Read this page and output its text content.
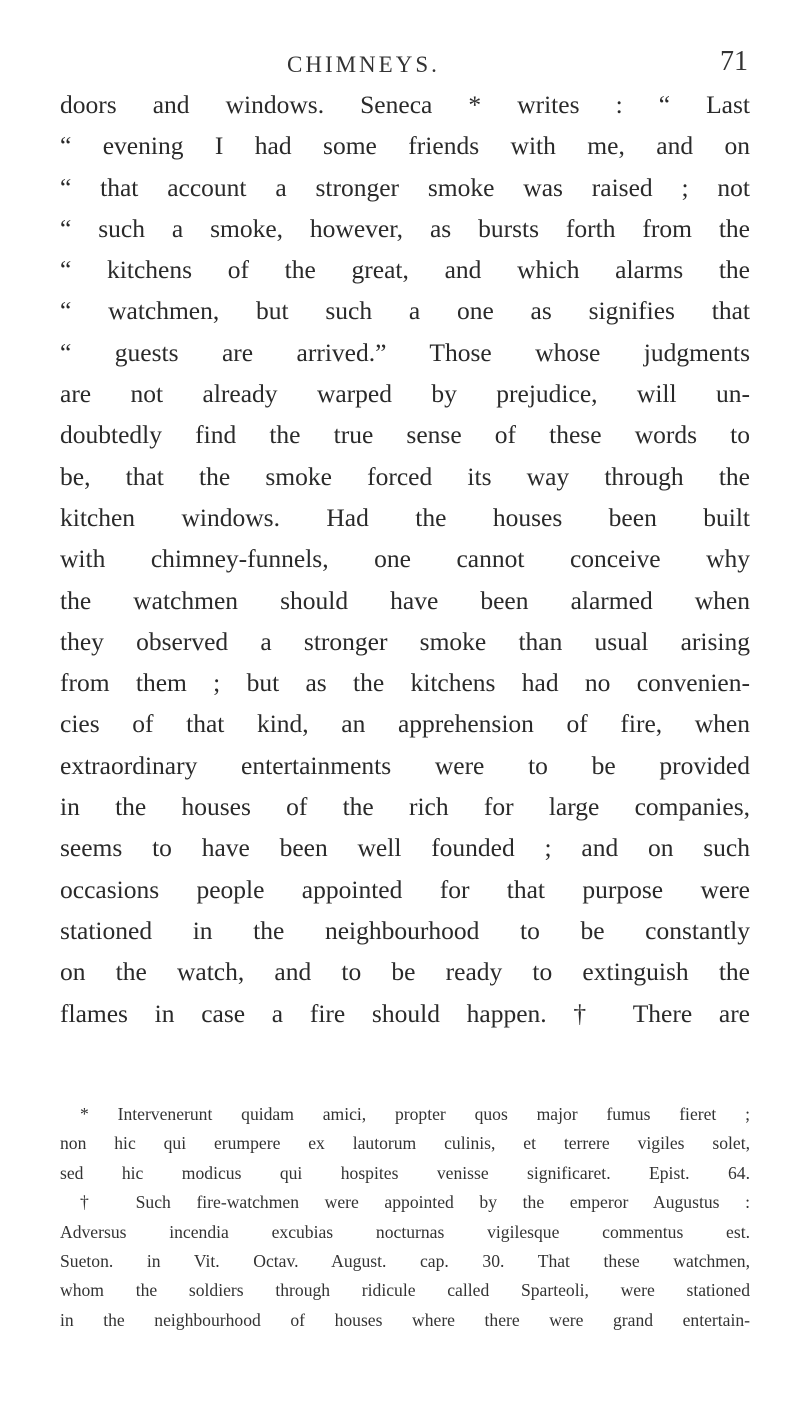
CHIMNEYS.	71
doors and windows. Seneca * writes : “ Last
“ evening I had some friends with me, and on
“ that account a stronger smoke was raised ; not
“ such a smoke, however, as bursts forth from the
“ kitchens of the great, and which alarms the
“ watchmen, but such a one as signifies that
“ guests are arrived.” Those whose judgments
are not already warped by prejudice, will un-
doubtedly find the true sense of these words to
be, that the smoke forced its way through the
kitchen windows. Had the houses been built
with chimney-funnels, one cannot conceive why
the watchmen should have been alarmed when
they observed a stronger smoke than usual arising
from them ; but as the kitchens had no convenien-
cies of that kind, an apprehension of fire, when
extraordinary entertainments were to be provided
in the houses of the rich for large companies,
seems to have been well founded ; and on such
occasions people appointed for that purpose were
stationed in the neighbourhood to be constantly
on the watch, and to be ready to extinguish the
flames in case a fire should happen. † There are
* Intervenerunt quidam amici, propter quos major fumus fieret ;
non hic qui erumpere ex lautorum culinis, et terrere vigiles solet,
sed hic modicus qui hospites venisse significaret. Epist. 64.
† Such fire-watchmen were appointed by the emperor Augustus :
Adversus incendia excubias nocturnas vigilesque commentus est.
Sueton. in Vit. Octav. August. cap. 30. That these watchmen,
whom the soldiers through ridicule called Sparteoli, were stationed
in the neighbourhood of houses where there were grand entertain-
